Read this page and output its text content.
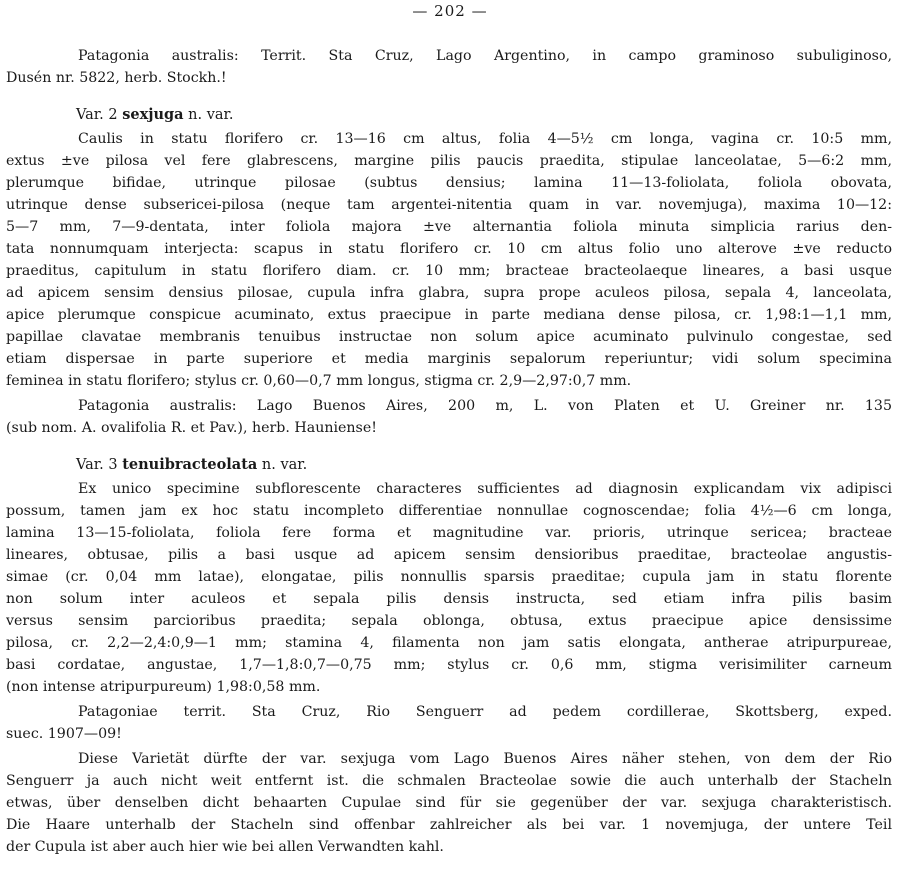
— 202 —
Patagonia australis: Territ. Sta Cruz, Lago Argentino, in campo graminoso subuliginoso,
Dusén nr. 5822, herb. Stockh.!
Var. 2 sexjuga n. var.
Caulis in statu florifero cr. 13—16 cm altus, folia 4—5½ cm longa, vagina cr. 10:5 mm,
extus ±ve pilosa vel fere glabrescens, margine pilis paucis praedita, stipulae lanceolatae, 5—6:2 mm,
plerumque bifidae, utrinque pilosae (subtus densius; lamina 11—13-foliolata, foliola obovata,
utrinque dense subsericei-pilosa (neque tam argentei-nitentia quam in var. novemjuga), maxima 10—12:
5—7 mm, 7—9-dentata, inter foliola majora ±ve alternantia foliola minuta simplicia rarius den-
tata nonnumquam interjecta: scapus in statu florifero cr. 10 cm altus folio uno alterove ±ve reducto
praeditus, capitulum in statu florifero diam. cr. 10 mm; bracteae bracteolaeque lineares, a basi usque
ad apicem sensim densius pilosae, cupula infra glabra, supra prope aculeos pilosa, sepala 4, lanceolata,
apice plerumque conspicue acuminato, extus praecipue in parte mediana dense pilosa, cr. 1,98:1—1,1 mm,
papillae clavatae membranis tenuibus instructae non solum apice acuminato pulvinulo congestae, sed
etiam dispersae in parte superiore et media marginis sepalorum reperiuntur; vidi solum specimina
feminea in statu florifero; stylus cr. 0,60—0,7 mm longus, stigma cr. 2,9—2,97:0,7 mm.
Patagonia australis: Lago Buenos Aires, 200 m, L. von Platen et U. Greiner nr. 135
(sub nom. A. ovalifolia R. et Pav.), herb. Hauniense!
Var. 3 tenuibracteolata n. var.
Ex unico specimine subflorescente characteres sufficientes ad diagnosin explicandam vix adipisci
possum, tamen jam ex hoc statu incompleto differentiae nonnullae cognoscendae; folia 4½—6 cm longa,
lamina 13—15-foliolata, foliola fere forma et magnitudine var. prioris, utrinque sericea; bracteae
lineares, obtusae, pilis a basi usque ad apicem sensim densioribus praeditae, bracteolae angustis-
simae (cr. 0,04 mm latae), elongatae, pilis nonnullis sparsis praeditae; cupula jam in statu florente
non solum inter aculeos et sepala pilis densis instructa, sed etiam infra pilis basim
versus sensim parcioribus praedita; sepala oblonga, obtusa, extus praecipue apice densissime
pilosa, cr. 2,2—2,4:0,9—1 mm; stamina 4, filamenta non jam satis elongata, antherae atripurpureae,
basi cordatae, angustae, 1,7—1,8:0,7—0,75 mm; stylus cr. 0,6 mm, stigma verisimiliter carneum
(non intense atripurpureum) 1,98:0,58 mm.
Patagoniae territ. Sta Cruz, Rio Senguerr ad pedem cordillerae, Skottsberg, exped.
suec. 1907—09!
Diese Varietät dürfte der var. sexjuga vom Lago Buenos Aires näher stehen, von dem der Rio
Senguerr ja auch nicht weit entfernt ist. die schmalen Bracteolae sowie die auch unterhalb der Stacheln
etwas, über denselben dicht behaarten Cupulae sind für sie gegenüber der var. sexjuga charakteristisch.
Die Haare unterhalb der Stacheln sind offenbar zahlreicher als bei var. 1 novemjuga, der untere Teil
der Cupula ist aber auch hier wie bei allen Verwandten kahl.
